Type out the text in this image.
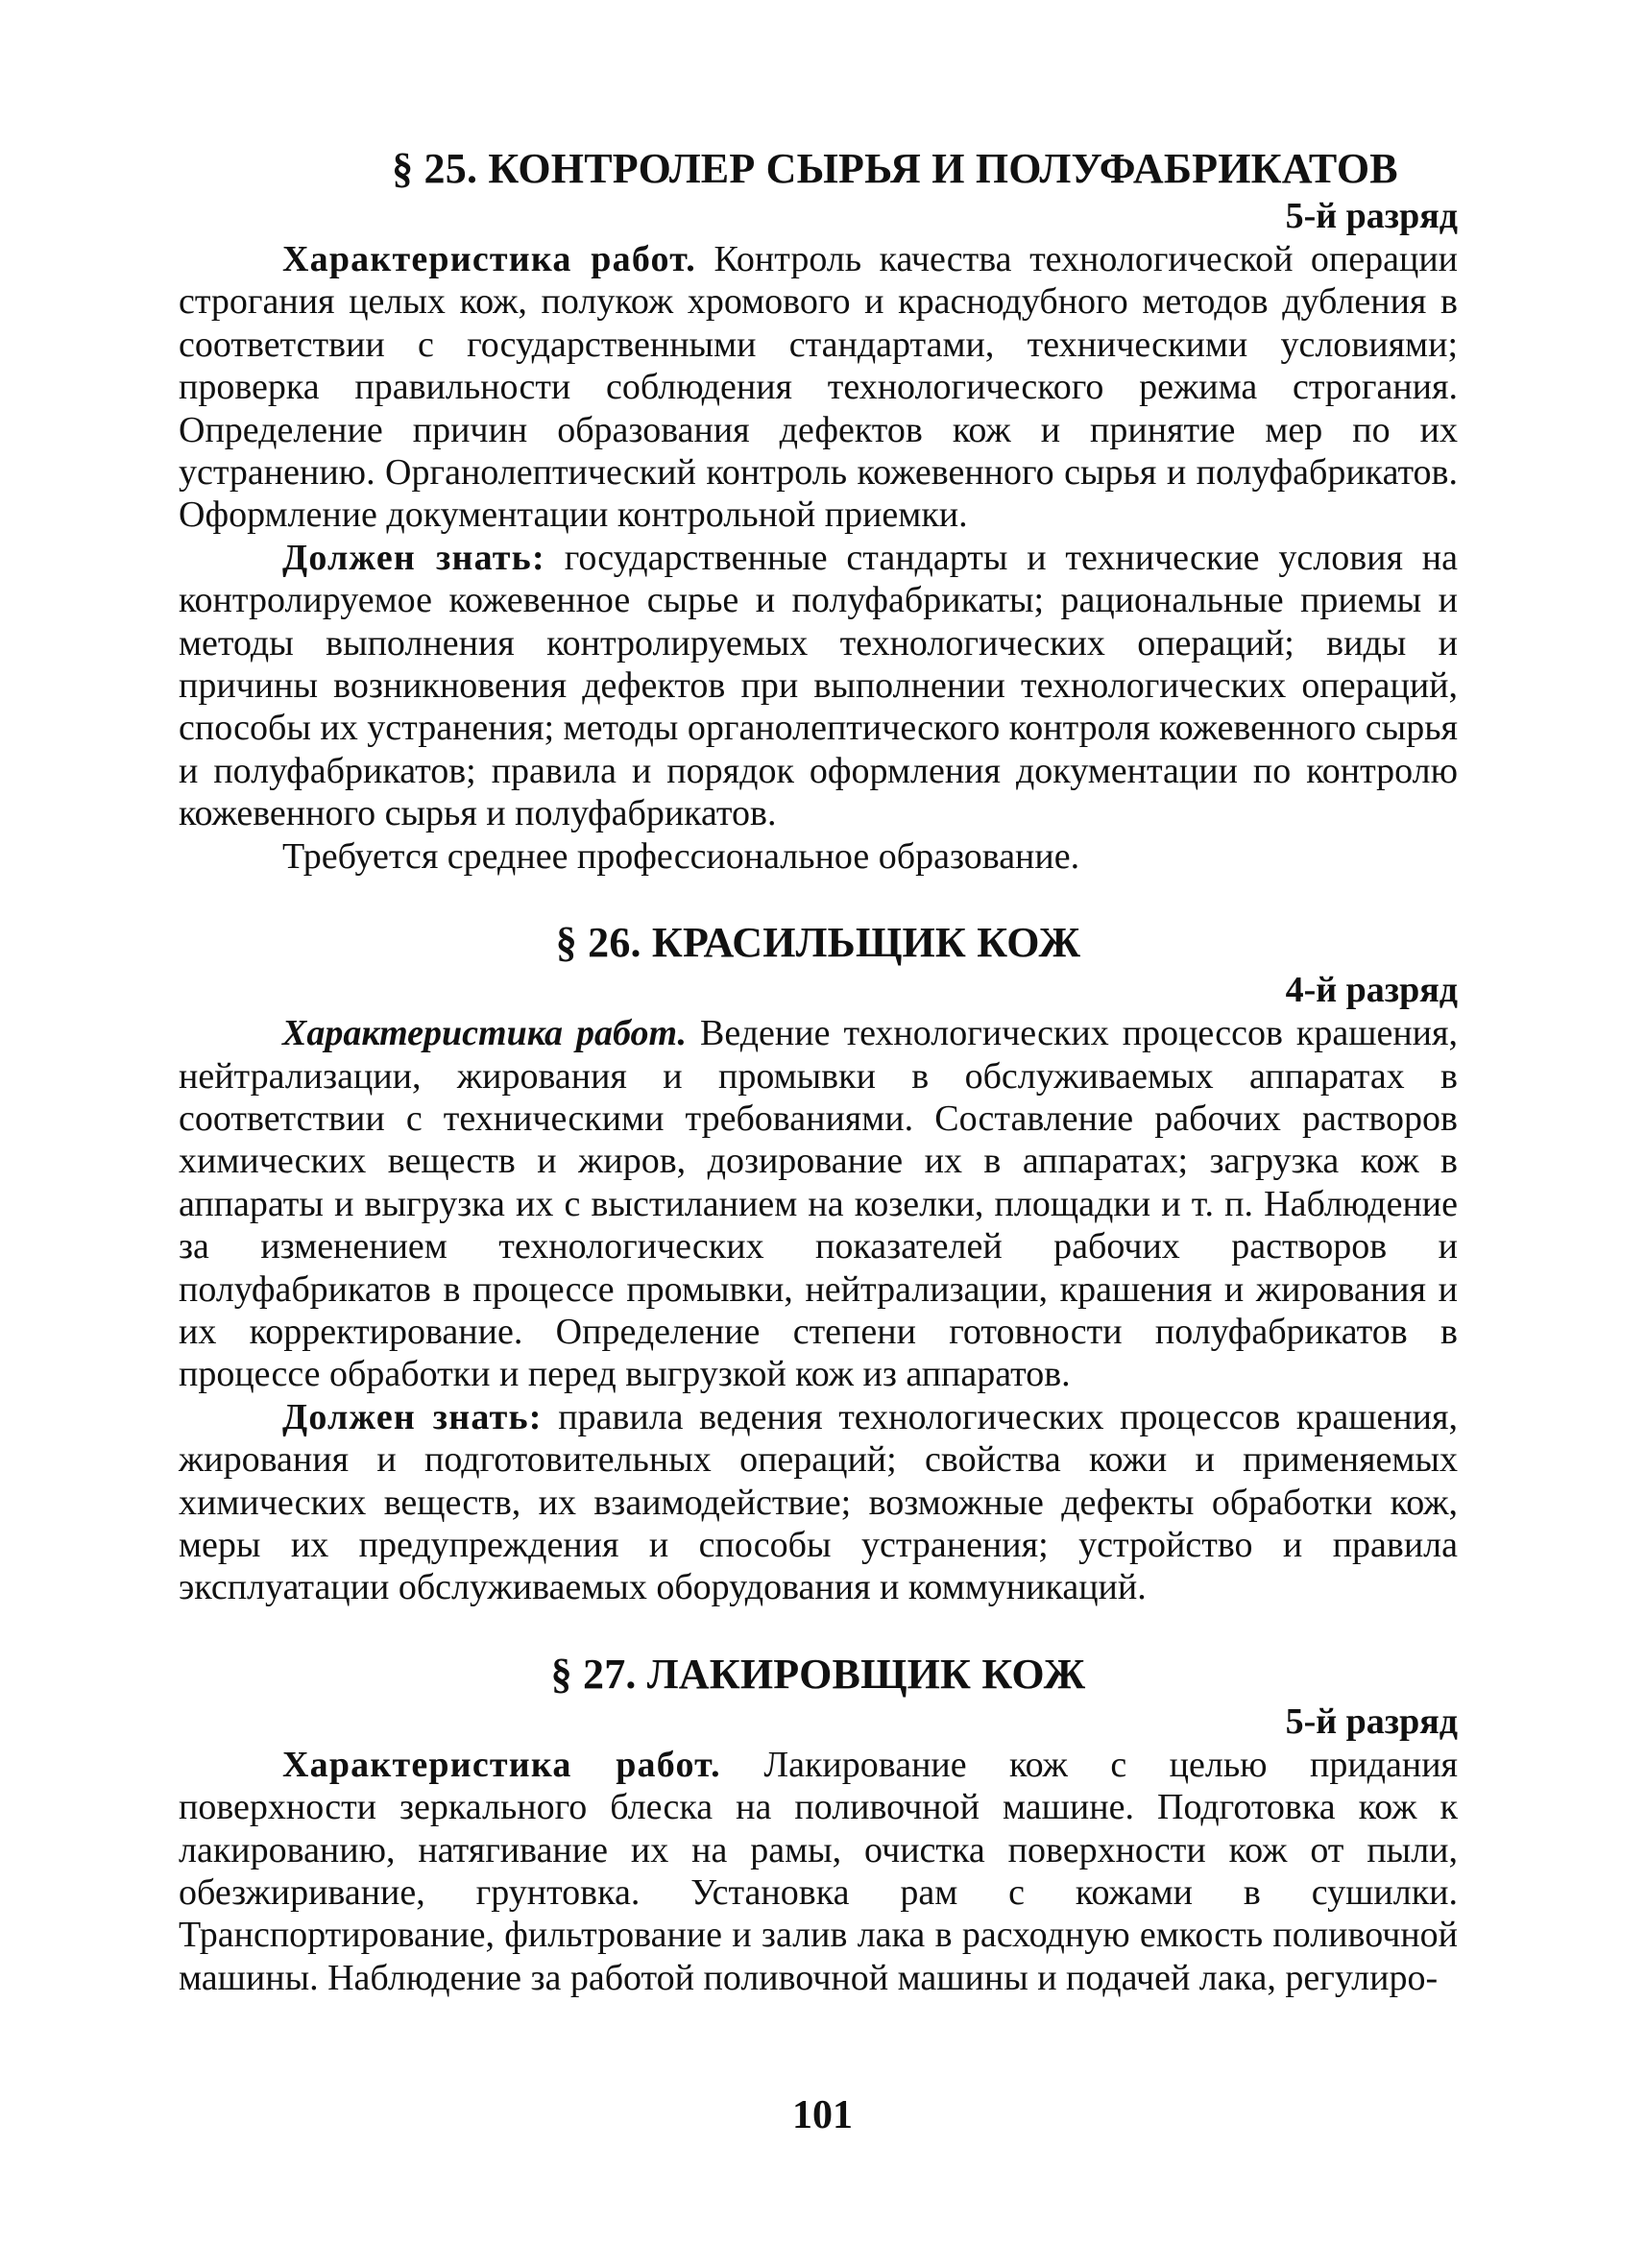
§ 25. КОНТРОЛЕР СЫРЬЯ И ПОЛУФАБРИКАТОВ
5-й разряд

Характеристика работ. Контроль качества технологической операции строгания целых кож, полукож хромового и краснодубного методов дубления в соответствии с государственными стандартами, техническими условиями; проверка правильности соблюдения технологического режима строгания. Определение причин образования дефектов кож и принятие мер по их устранению. Органолептический контроль кожевенного сырья и полуфабрикатов. Оформление документации контрольной приемки.

Должен знать: государственные стандарты и технические условия на контролируемое кожевенное сырье и полуфабрикаты; рациональные приемы и методы выполнения контролируемых технологических операций; виды и причины возникновения дефектов при выполнении технологических операций, способы их устранения; методы органолептического контроля кожевенного сырья и полуфабрикатов; правила и порядок оформления документации по контролю кожевенного сырья и полуфабрикатов.

Требуется среднее профессиональное образование.

§ 26. КРАСИЛЬЩИК КОЖ
4-й разряд

Характеристика работ. Ведение технологических процессов крашения, нейтрализации, жирования и промывки в обслуживаемых аппаратах в соответствии с техническими требованиями. Составление рабочих растворов химических веществ и жиров, дозирование их в аппаратах; загрузка кож в аппараты и выгрузка их с выстиланием на козелки, площадки и т. п. Наблюдение за изменением технологических показателей рабочих растворов и полуфабрикатов в процессе промывки, нейтрализации, крашения и жирования и их корректирование. Определение степени готовности полуфабрикатов в процессе обработки и перед выгрузкой кож из аппаратов.

Должен знать: правила ведения технологических процессов крашения, жирования и подготовительных операций; свойства кожи и применяемых химических веществ, их взаимодействие; возможные дефекты обработки кож, меры их предупреждения и способы устранения; устройство и правила эксплуатации обслуживаемых оборудования и коммуникаций.

§ 27. ЛАКИРОВЩИК КОЖ
5-й разряд

Характеристика работ. Лакирование кож с целью придания поверхности зеркального блеска на поливочной машине. Подготовка кож к лакированию, натягивание их на рамы, очистка поверхности кож от пыли, обезжиривание, грунтовка. Установка рам с кожами в сушилки. Транспортирование, фильтрование и залив лака в расходную емкость поливочной машины. Наблюдение за работой поливочной машины и подачей лака, регулиро-

101
